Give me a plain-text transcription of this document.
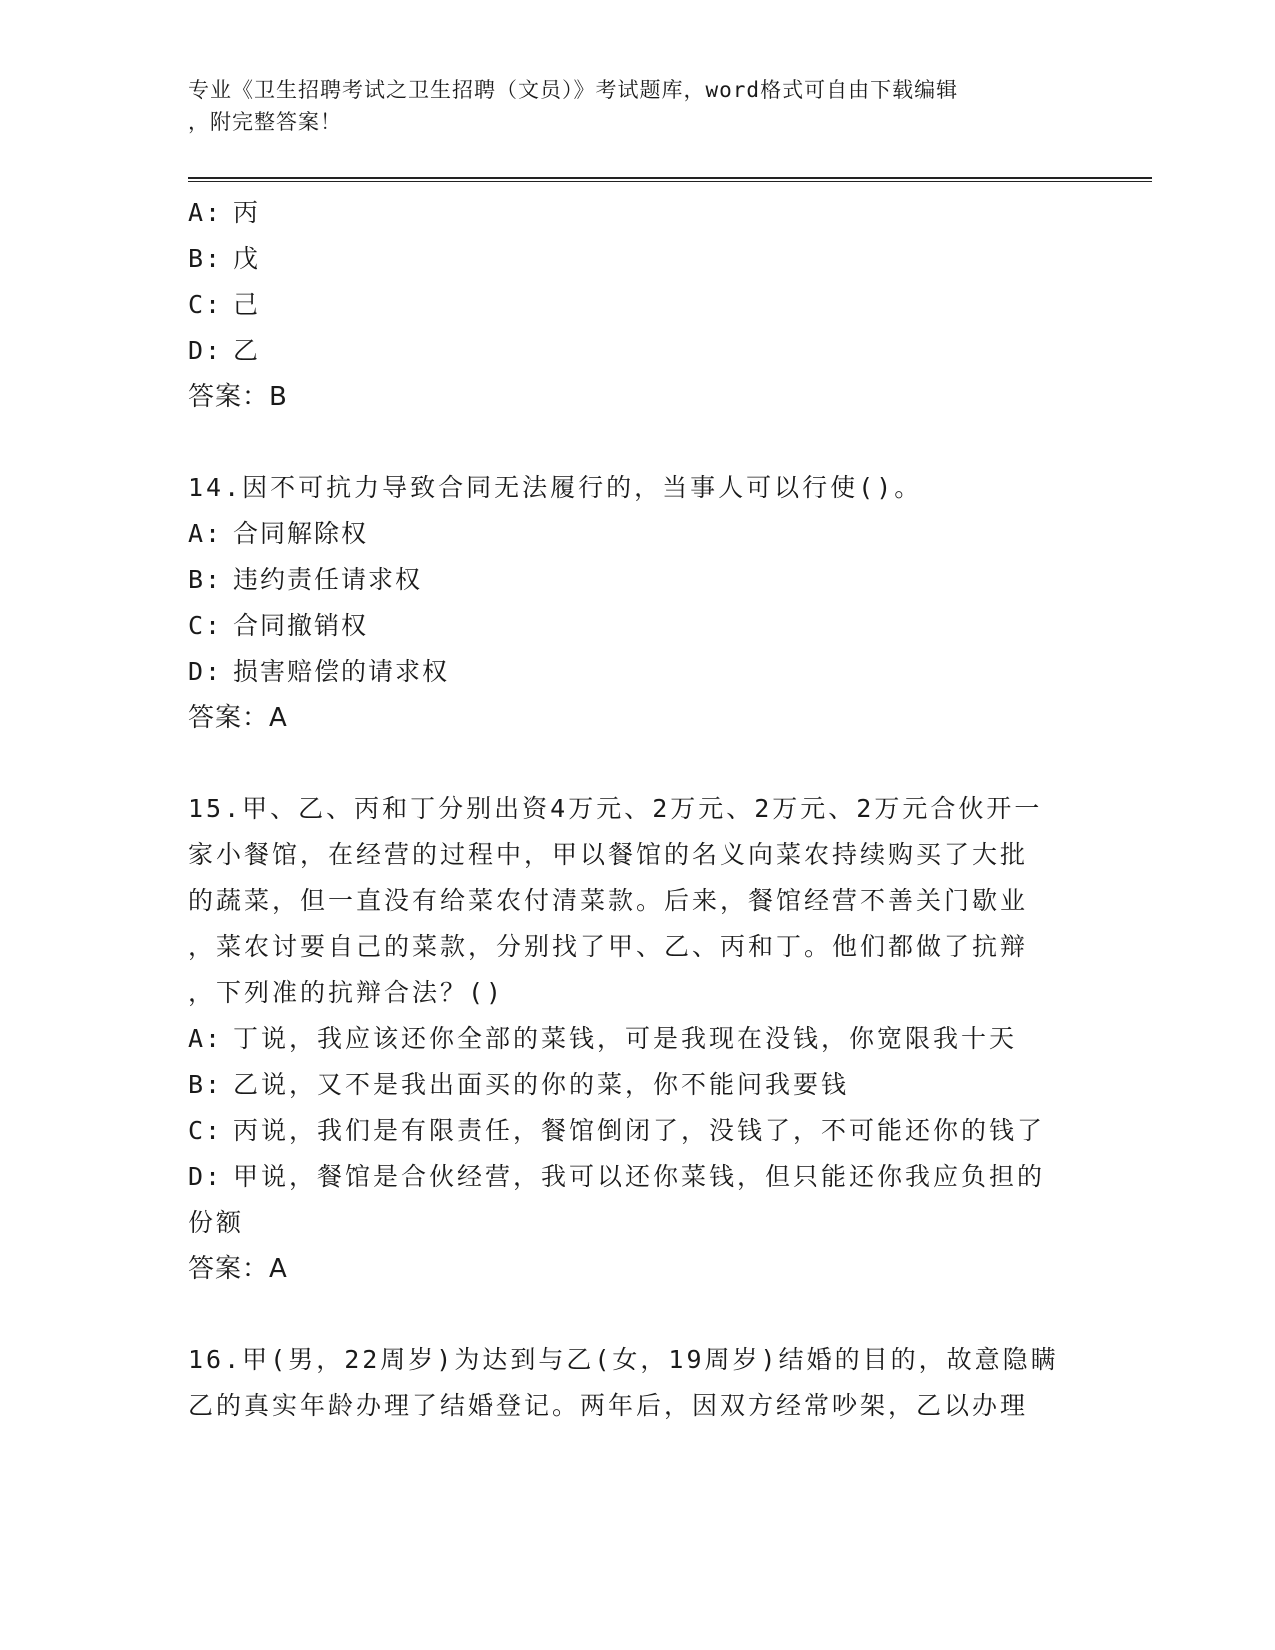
专业《卫生招聘考试之卫生招聘（文员）》考试题库，word格式可自由下载编辑
，附完整答案！
A: 丙
B: 戊
C: 己
D: 乙
答案：B
14.因不可抗力导致合同无法履行的，当事人可以行使()。
A: 合同解除权
B: 违约责任请求权
C: 合同撤销权
D: 损害赔偿的请求权
答案：A
15.甲、乙、丙和丁分别出资4万元、2万元、2万元、2万元合伙开一
家小餐馆，在经营的过程中，甲以餐馆的名义向菜农持续购买了大批
的蔬菜，但一直没有给菜农付清菜款。后来，餐馆经营不善关门歇业
，菜农讨要自己的菜款，分别找了甲、乙、丙和丁。他们都做了抗辩
，下列准的抗辩合法？()
A: 丁说，我应该还你全部的菜钱，可是我现在没钱，你宽限我十天
B: 乙说，又不是我出面买的你的菜，你不能问我要钱
C: 丙说，我们是有限责任，餐馆倒闭了，没钱了，不可能还你的钱了
D: 甲说，餐馆是合伙经营，我可以还你菜钱，但只能还你我应负担的
份额
答案：A
16.甲(男，22周岁)为达到与乙(女，19周岁)结婚的目的，故意隐瞒
乙的真实年龄办理了结婚登记。两年后，因双方经常吵架，乙以办理
